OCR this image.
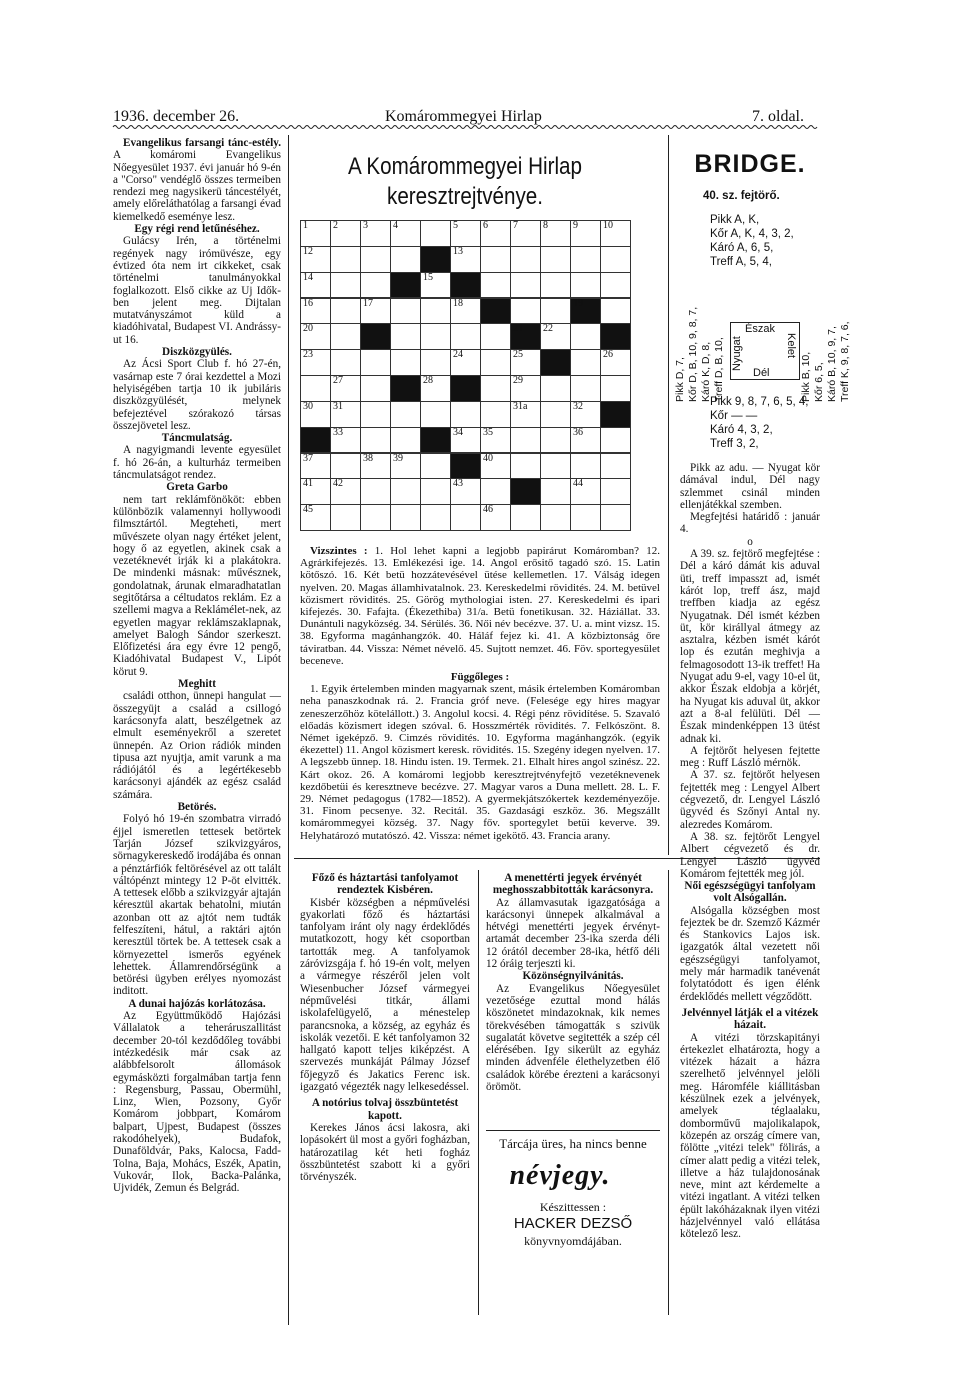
1936. december 26.	Komárommegyei Hirlap	7. oldal.

Evangelikus farsangi tánc-estély. A komáromi Evangelikus Nőegyesület 1937. évi január hó 9-én a "Corso" vendéglő összes termeiben rendezi meg nagysikerü táncestélyét, amely előreláthatólag a farsangi évad kiemelkedő eseménye lesz.

Egy régi rend letűnéséhez.

Gulácsy Irén, a történelmi regények nagy irómüvésze, egy évtized óta nem irt cikkeket, csak történelmi tanulmányokkal foglalkozott. Első cikke az Uj Idők-ben jelent meg. Dijtalan mutatványszámot küld a kiadóhivatal, Budapest VI. Andrássy-ut 16.

Diszközgyülés.

Az Ácsi Sport Club f. hó 27-én, vasárnap este 7 órai kezdettel a Mozi helyiségében tartja 10 ik jubiláris diszközgyülését, melynek befejeztével szórakozó társas összejövetel lesz.

Táncmulatság.

A nagyigmandi levente egyesület f. hó 26-án, a kulturház termeiben táncmulatságot rendez.

Greta Garbo

nem tart reklámfönököt: ebben különbözik valamennyi hollywoodi filmsztártól. Megteheti, mert művészete olyan nagy értéket jelent, hogy ő az egyetlen, akinek csak a vezetéknevét irják ki a plakátokra. De mindenki másnak: művésznek, gondolatnak, árunak elmaradhatatlan segitőtársa a céltudatos reklám. Ez a szellemi magva a Reklámélet-nek, az egyetlen magyar reklámszaklapnak, amelyet Balogh Sándor szerkeszt. Előfizetési ára egy évre 12 pengő, Kiadóhivatal Budapest V., Lipót körut 9.

Meghitt

családi otthon, ünnepi hangulat — összegyüjt a család a csillogó karácsonyfa alatt, beszélgetnek az elmult eseményekről a szeretet ünnepén. Az Orion rádiók minden tipusa azt nyujtja, amit varunk a ma rádiójától és a legértékesebb karácsonyi ajándék az egész család számára.

Betörés.

Folyó hó 19-én szombatra virradó éjjel ismeretlen tettesek betörtek Tarján József szikvizgyáros, sörnagykereskedő irodájába és onnan a pénztárfiók feltörésével az ott talált váltópénzt mintegy 12 P-öt elvitték. A tettesek előbb a szikvizgyár ajtaján kéresztül akartak behatolni, miután azonban ott az ajtót nem tudták felfeszíteni, hátul, a raktári ajtón keresztül törtek be. A tettesek csak a környezettel ismerős egyének lehettek. Államrendőrségünk a betörési ügyben erélyes nyomozást inditott.

A dunai hajózás korlátozása.

Az Együttműködő Hajózási Vállalatok a teheráruszallitást december 20-tól kezdődőleg további intézkedésik már csak az alábbfelsorolt állomások egymásközti forgalmában tartja fenn : Regensburg, Passau, Obermühl, Linz, Wien, Pozsony, Győr Komárom jobbpart, Komárom balpart, Ujpest, Budapest (összes rakodóhelyek), Budafok, Dunaföldvár, Paks, Kalocsa, Fadd-Tolna, Baja, Mohács, Eszék, Apatin, Vukovár, Ilok, Backa-Palánka, Ujvidék, Zemun és Belgrád.

A Komárommegyei Hirlap
keresztrejtvénye.
1	2	3	4	5	6	7	8	9	10
12	13
14	15
16	17	18	19
20	21 22
23	24	25	26
27	28	29
30 31	31a	32
33	34 35	36
37	38 39	40
41 42	43	44
45	46

Vizszintes : 1. Hol lehet kapni a legjobb papirárut Komáromban? 12. Agrárkifejezés. 13. Emlékezési ige. 14. Angol erősitő tagadó szó. 15. Latin kötőszó. 16. Két betü hozzátevésével ütése kellemetlen. 17. Válság idegen nyelven. 20. Magas államhivatalnok. 23. Kereskedelmi rövidités. 24. M. betüvel közismert rövidités. 25. Görög mythologiai isten. 27. Kereskedelmi és ipari kifejezés. 30. Fafajta. (Ékezethiba) 31/a. Betü fonetikusan. 32. Háziállat. 33. Dunántuli nagyközség. 34. Sérülés. 36. Női név becézve. 37. U. a. mint vizsz. 15. 38. Egyforma magánhangzók. 40. Háláf fejez ki. 41. A közbiztonság őre táviratban. 44. Vissza: Német névelő. 45. Sujtott nemzet. 46. Föv. sportegyesület beceneve.

Függőleges :

1. Egyik értelemben minden magyarnak szent, másik értelemben Komáromban neha panaszkodnak rá. 2. Francia gróf neve. (Felesége egy hires magyar zeneszerzőhöz kötelállott.) 3. Angolul kocsi. 4. Régi pénz rövidítése. 5. Szavaló előadás közismert idegen szóval. 6. Hosszmérték rövidités. 7. Felkószönt. 8. Német igeképző. 9. Cimzés rövidités. 10. Egyforma magánhangzók. (egyik ékezettel) 11. Angol közismert keresk. rövidités. 15. Szegény idegen nyelven. 17. A legszebb ünnep. 18. Hindu isten. 19. Termek. 21. Elhalt hires angol szinész. 22. Kárt okoz. 26. A komáromi legjobb keresztrejtvényfejtő vezetéknevenek kezdőbetüi és keresztneve becézve. 27. Magyar varos a Duna mellett. 28. L. F. 29. Német pedagogus (1782—1852). A gyermekjátszókertek kezdeményezője. 31. Finom pecsenye. 32. Recitál. 35. Gazdasági eszköz. 36. Megszállt komárommegyei község. 37. Nagy főv. sportegylet betüi keverve. 39. Helyhatározó mutatószó. 42. Vissza: német igekötő. 43. Francia arany.

BRIDGE.
40. sz. fejtörő.
Pikk A, K,
Kőr A, K, 4, 3, 2,
Káró A, 6, 5,
Treff A, 5, 4,
Pikk D, 7, Kőr D, B, 10, 9, 8, 7, Káró K, D, 8, Treff D, B, 10,
Észak
Dél
Nyugat	Kelet
Pikk B, 10, Kőr 6, 5, Káró B, 10, 9, 7, Treff K, 9, 8, 7, 6,
Pikk 9, 8, 7, 6, 5, 4,
Kőr — —
Káró 4, 3, 2,
Treff 3, 2,

Pikk az adu. — Nyugat kör dámával indul, Dél nagy szlemmet csinál minden ellenjátékkal szemben.

Megfejtési határidő : január 4.

o

A 39. sz. fejtörő megfejtése : Dél a káró dámát kis aduval üti, treff impasszt ad, ismét kárót lop, treff ász, majd treffben kiadja az egész Nyugatnak. Dél ismét kézben üt, kör királlyal átmegy az asztalra, kézben ismét kárót lop és ezután meghivja a felmagosodott 13-ik treffet! Ha Nyugat adu 9-el, vagy 10-el üt, akkor Észak eldobja a körjét, ha Nyugat kis aduval üt, akkor azt a 8-al felülüti. Dél — Észak mindenképpen 13 ütést adnak ki.

A fejtörőt helyesen fejtette meg : Ruff László mérnök.

A 37. sz. fejtörőt helyesen fejtették meg : Lengyel Albert cégvezető, dr. Lengyel László ügyvéd és Szőnyi Antal ny. alezredes Komárom.

A 38. sz. fejtörőt Lengyel Albert cégvezető és dr. Lengyel László ügyvéd Komárom fejtették meg jól.

Főző és háztartási tanfolyamot rendeztek Kisbéren.

Kisbér községben a népművelési gyakorlati főző és háztartási tanfolyam iránt oly nagy érdeklődés mutatkozott, hogy két csoportban tartották meg. A tanfolyamok záróvizsgája f. hó 19-én volt, melyen a vármegye részéről jelen volt Wiesenbucher József vármegyei népművelési titkár, állami iskolafelügyelő, a ménestelep parancsnoka, a község, az egyház és iskolák vezetői. E két tanfolyamon 32 hallgató kapott teljes kiképzést. A szervezés munkáját Pálmay József főjegyző és Jakatics Ferenc isk. igazgató végezték nagy lelkesedéssel.

A notórius tolvaj összbüntetést kapott.

Kerekes János ácsi lakosra, aki lopásokért ül most a győri fogházban, határozatilag két heti fogház összbüntetést szabott ki a győri törvényszék.

A menettérti jegyek érvényét meghosszabbitották karácsonyra.

Az államvasutak igazgatósága a karácsonyi ünnepek alkalmával a hétvégi menettérti jegyek érvénytartamát december 23-ika szerda déli 12 órától december 28-ika, hétfő déli 12 óráig terjeszti ki.

Közönségnyilvánitás.

Az Evangelikus Nőegyesület vezetősége ezuttal mond hálás köszönetet mindazoknak, kik nemes törekvésében támogatták s szivük sugalatát követve segitették a szép cél elérésében. Igy sikerült az egyház minden ádvenféle élethelyzetben élő családok körébe érezteni a karácsonyi örömöt.

Tárcája üres, ha nincs benne
névjegy.
Készittessen :
HACKER DEZSŐ
könyvnyomdájában.

Női egészségügyi tanfolyam volt Alsógallán.

Alsógalla községben most fejeztek be dr. Szemző Kázmér és Stankovics Lajos isk. igazgatók által vezetett női egészségügyi tanfolyamot, mely már harmadik tanévenát folytatódott és igen élénk érdeklődés mellett végződött.

Jelvénnyel látják el a vitézek házait.

A vitézi törzskapitányi értekezlet elhatározta, hogy a vitézek házait a házra szerelhető jelvénnyel jelöli meg. Háromféle kiállitásban készülnek ezek a jelvények, amelyek téglaalaku, domborművű majolikalapok, közepén az ország címere van, fölötte „vitézi telek" fölirás, a címer alatt pedig a vitézi telek, illetve a ház tulajdonosának neve, mint azt kérdemelte a vitézi ingatlant. A vitézi telken épült lakóházaknak ilyen vitézi házjelvénnyel való ellátása kötelező lesz.
